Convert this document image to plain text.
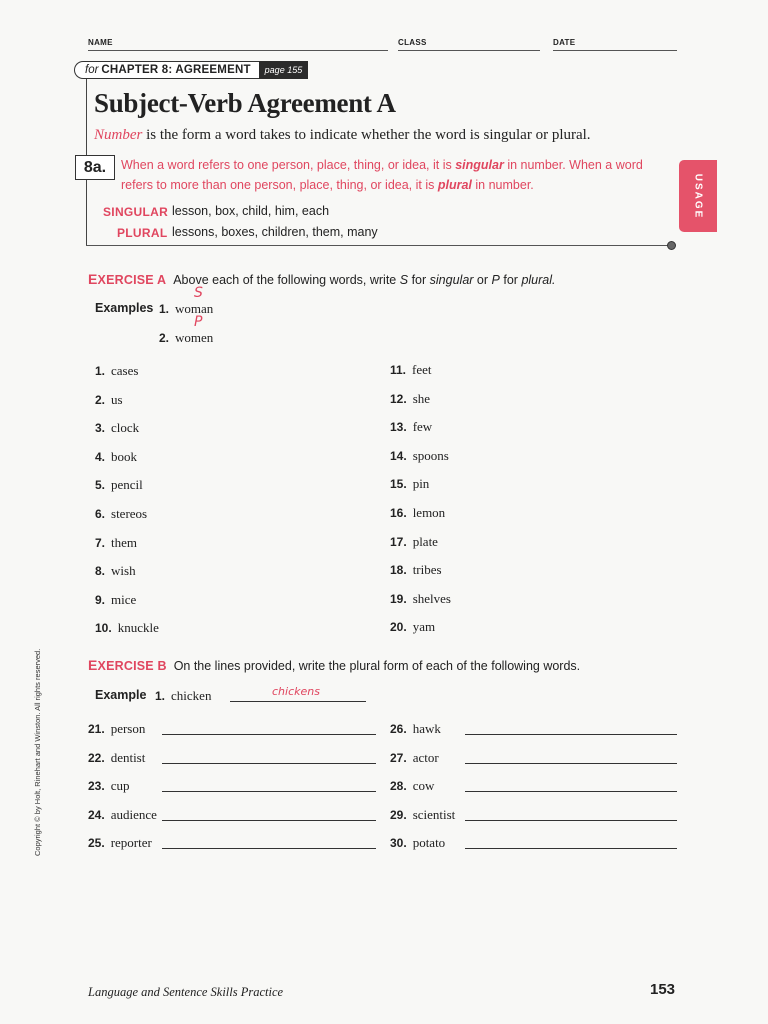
NAME	CLASS	DATE
for CHAPTER 8: AGREEMENT	page 155
Subject-Verb Agreement A
Number is the form a word takes to indicate whether the word is singular or plural.
8a.	When a word refers to one person, place, thing, or idea, it is singular in number. When a word refers to more than one person, place, thing, or idea, it is plural in number.
SINGULAR lesson, box, child, him, each
PLURAL lessons, boxes, children, them, many
USAGE
EXERCISE A Above each of the following words, write S for singular or P for plural.
Examples 1. woman
S
2. women
P
1. cases
2. us
3. clock
4. book
5. pencil
6. stereos
7. them
8. wish
9. mice
10. knuckle
11. feet
12. she
13. few
14. spoons
15. pin
16. lemon
17. plate
18. tribes
19. shelves
20. yam
EXERCISE B On the lines provided, write the plural form of each of the following words.
Example 1. chicken	chickens
21. person
22. dentist
23. cup
24. audience
25. reporter
26. hawk
27. actor
28. cow
29. scientist
30. potato
Copyright © by Holt, Rinehart and Winston. All rights reserved.
Language and Sentence Skills Practice	153
